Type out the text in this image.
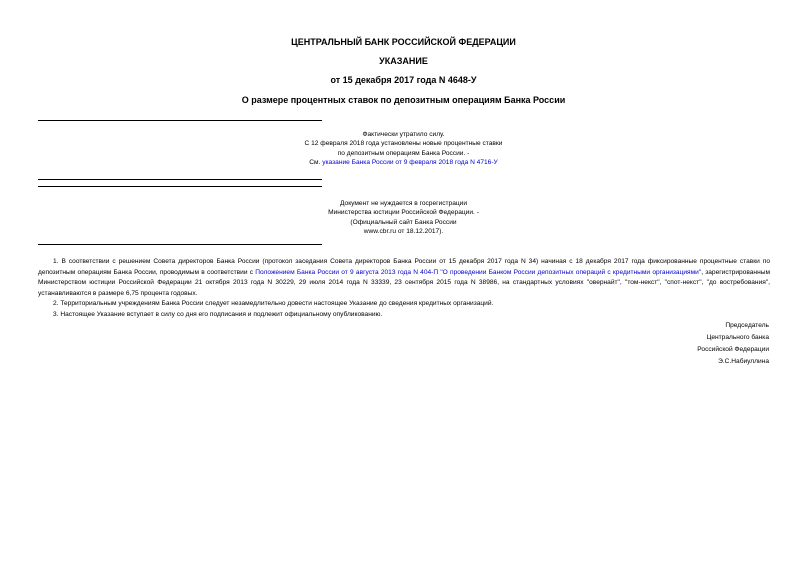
ЦЕНТРАЛЬНЫЙ БАНК РОССИЙСКОЙ ФЕДЕРАЦИИ
УКАЗАНИЕ
от 15 декабря 2017 года N 4648-У
О размере процентных ставок по депозитным операциям Банка России
Фактически утратило силу.
С 12 февраля 2018 года установлены новые процентные ставки
по депозитным операциям Банка России. -
См. указание Банка России от 9 февраля 2018 года N 4716-У
Документ не нуждается в госрегистрации
Министерства юстиции Российской Федерации. -
(Официальный сайт Банка России
www.cbr.ru от 18.12.2017).

1. В соответствии с решением Совета директоров Банка России (протокол заседания Совета директоров Банка России от 15 декабря 2017 года N 34) начиная с 18 декабря 2017 года фиксированные процентные ставки по депозитным операциям Банка России, проводимым в соответствии с Положением Банка России от 9 августа 2013 года N 404-П "О проведении Банком России депозитных операций с кредитными организациями", зарегистрированным Министерством юстиции Российской Федерации 21 октября 2013 года N 30229, 29 июля 2014 года N 33339, 23 сентября 2015 года N 38986, на стандартных условиях "овернайт", "том-некст", "спот-некст", "до востребования", устанавливаются в размере 6,75 процента годовых.

2. Территориальным учреждениям Банка России следует незамедлительно довести настоящее Указание до сведения кредитных организаций.

3. Настоящее Указание вступает в силу со дня его подписания и подлежит официальному опубликованию.

Председатель
Центрального банка
Российской Федерации
Э.С.Набиуллина
